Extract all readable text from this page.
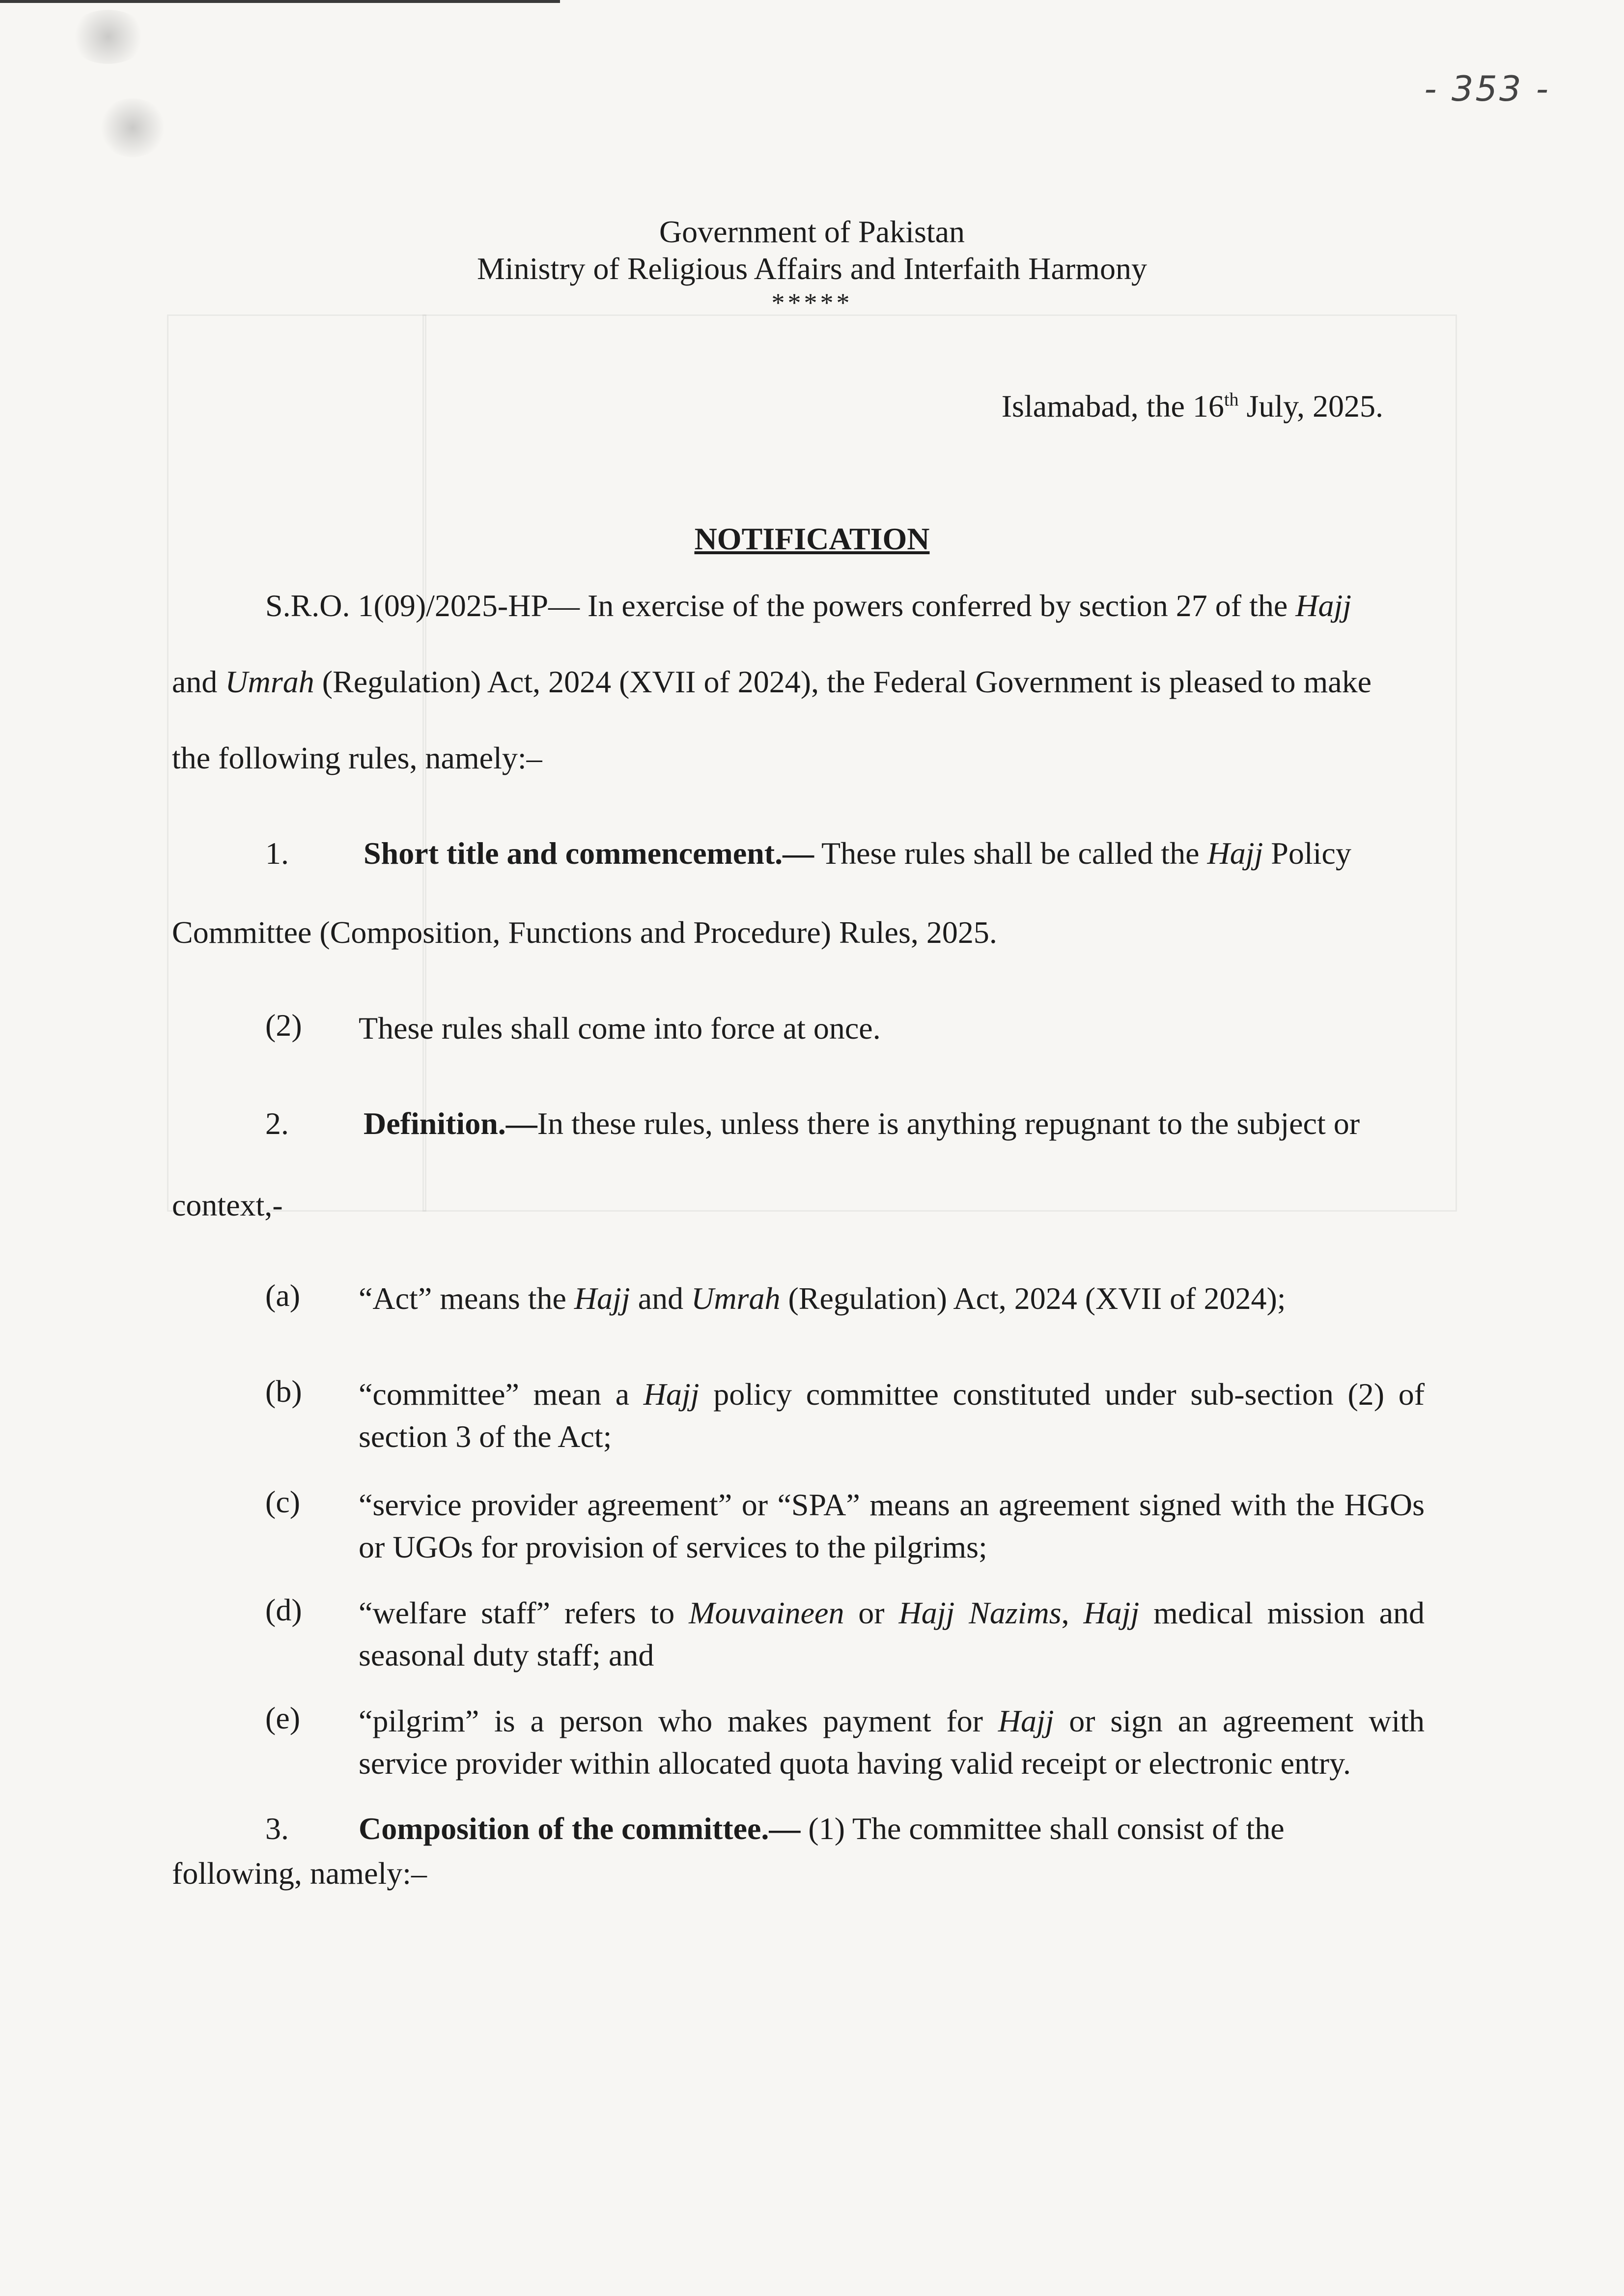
- 353 -
Government of Pakistan
Ministry of Religious Affairs and Interfaith Harmony
*****
Islamabad, the 16th July, 2025.
NOTIFICATION
S.R.O. 1(09)/2025-HP— In exercise of the powers conferred by section 27 of the Hajj
and Umrah (Regulation) Act, 2024 (XVII of 2024), the Federal Government is pleased to make
the following rules, namely:–
1. Short title and commencement.— These rules shall be called the Hajj Policy
Committee (Composition, Functions and Procedure) Rules, 2025.
(2) These rules shall come into force at once.
2. Definition.—In these rules, unless there is anything repugnant to the subject or
context,-
(a) “Act” means the Hajj and Umrah (Regulation) Act, 2024 (XVII of 2024);
(b) “committee” mean a Hajj policy committee constituted under sub-section (2) of section 3 of the Act;
(c) “service provider agreement” or “SPA” means an agreement signed with the HGOs or UGOs for provision of services to the pilgrims;
(d) “welfare staff” refers to Mouvaineen or Hajj Nazims, Hajj medical mission and seasonal duty staff; and
(e) “pilgrim” is a person who makes payment for Hajj or sign an agreement with service provider within allocated quota having valid receipt or electronic entry.
3. Composition of the committee.— (1) The committee shall consist of the
following, namely:–
